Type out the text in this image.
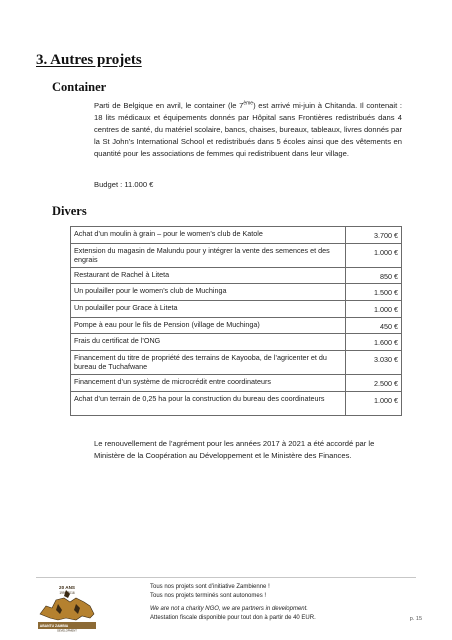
3. Autres projets
Container

Parti de Belgique en avril, le container (le 7ème) est arrivé mi-juin à Chitanda. Il contenait : 18 lits médicaux et équipements donnés par Hôpital sans Frontières redistribués dans 4 centres de santé, du matériel scolaire, bancs, chaises, bureaux, tableaux, livres donnés par la St John’s International School et redistribués dans 5 écoles ainsi que des vêtements en quantité pour les associations de femmes qui redistribuent dans leur village.

Budget : 11.000 €
Divers
Achat d’un moulin à grain – pour le women’s club de Katole	3.700 €
Extension du magasin de Malundu pour y intégrer la vente des semences et des engrais	1.000 €
Restaurant de Rachel à Liteta	850 €
Un poulailler pour le women’s club de Muchinga	1.500 €
Un poulailler pour Grace à Liteta	1.000 €
Pompe à eau pour le fils de Pension (village de Muchinga)	450 €
Frais du certificat de l’ONG	1.600 €
Financement du titre de propriété des terrains de Kayooba, de l’agricenter et du bureau de Tuchafwane	3.030 €
Financement d’un système de microcrédit entre coordinateurs	2.500 €
Achat d’un terrain de 0,25 ha pour la construction du bureau des coordinateurs	1.000 €

Le renouvellement de l’agrément pour les années 2017 à 2021 a été accordé par le Ministère de la Coopération au Développement et le Ministère des Finances.

20 ANS
1996-2016
ABANTU ZAMBIA
DEVELOPMENT
Tous nos projets sont d’initiative Zambienne !
Tous nos projets terminés sont autonomes !
We are not a charity NGO, we are partners in development.
Attestation fiscale disponible pour tout don à partir de 40 EUR.	p. 15
